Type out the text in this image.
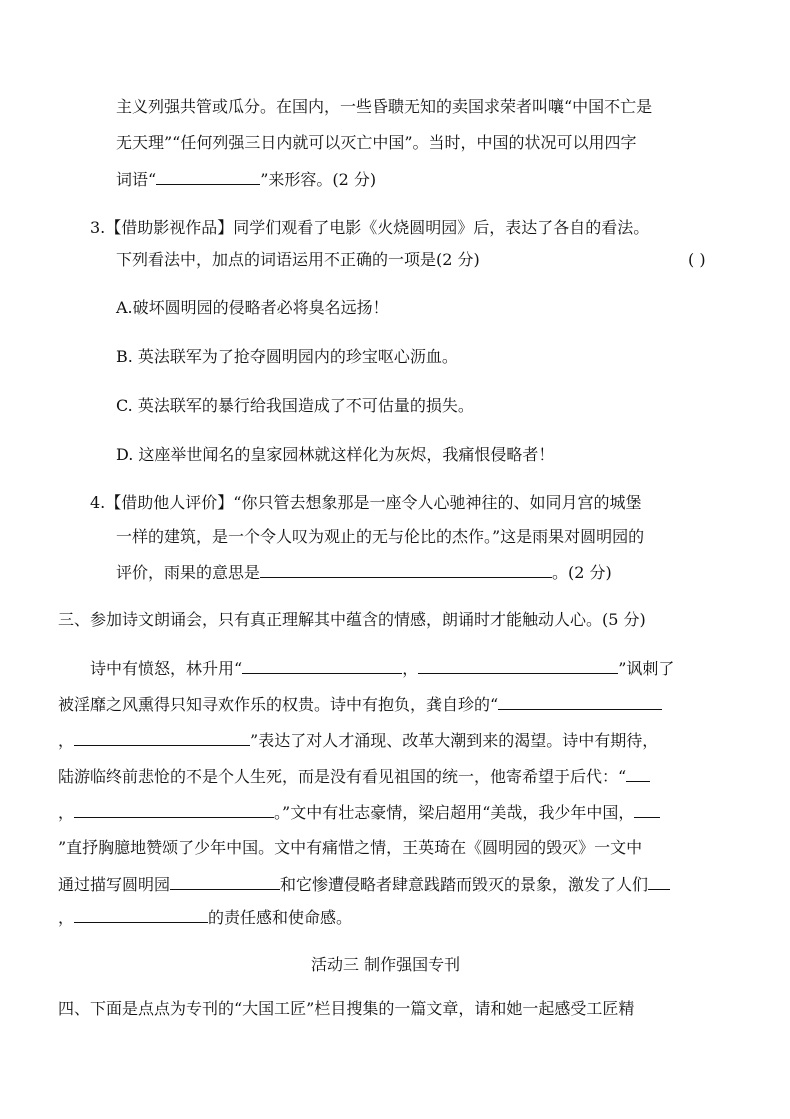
主义列强共管或瓜分。在国内，一些昏聩无知的卖国求荣者叫嚷“中国不亡是
无天理”“任何列强三日内就可以灭亡中国”。当时，中国的状况可以用四字
词语“	”来形容。(2 分)
3.【借助影视作品】同学们观看了电影《火烧圆明园》后，表达了各自的看法。
下列看法中，加点的词语运用不正确的一项是(2 分)	( )
A.破坏圆明园的侵略者必将臭名远扬！
B. 英法联军为了抢夺圆明园内的珍宝呕心沥血。
C. 英法联军的暴行给我国造成了不可估量的损失。
D. 这座举世闻名的皇家园林就这样化为灰烬，我痛恨侵略者！
4.【借助他人评价】“你只管去想象那是一座令人心驰神往的、如同月宫的城堡
一样的建筑，是一个令人叹为观止的无与伦比的杰作。”这是雨果对圆明园的
评价，雨果的意思是	。(2 分)
三、参加诗文朗诵会，只有真正理解其中蕴含的情感，朗诵时才能触动人心。(5 分)
诗中有愤怒，林升用“	，	”讽刺了
被淫靡之风熏得只知寻欢作乐的权贵。诗中有抱负，龚自珍的“
，	”表达了对人才涌现、改革大潮到来的渴望。诗中有期待，
陆游临终前悲怆的不是个人生死，而是没有看见祖国的统一，他寄希望于后代：“
，	。”文中有壮志豪情，梁启超用“美哉，我少年中国，
”直抒胸臆地赞颂了少年中国。文中有痛惜之情，王英琦在《圆明园的毁灭》一文中
通过描写圆明园	和它惨遭侵略者肆意践踏而毁灭的景象，激发了人们
，	的责任感和使命感。
活动三 制作强国专刊
四、下面是点点为专刊的“大国工匠”栏目搜集的一篇文章，请和她一起感受工匠精
